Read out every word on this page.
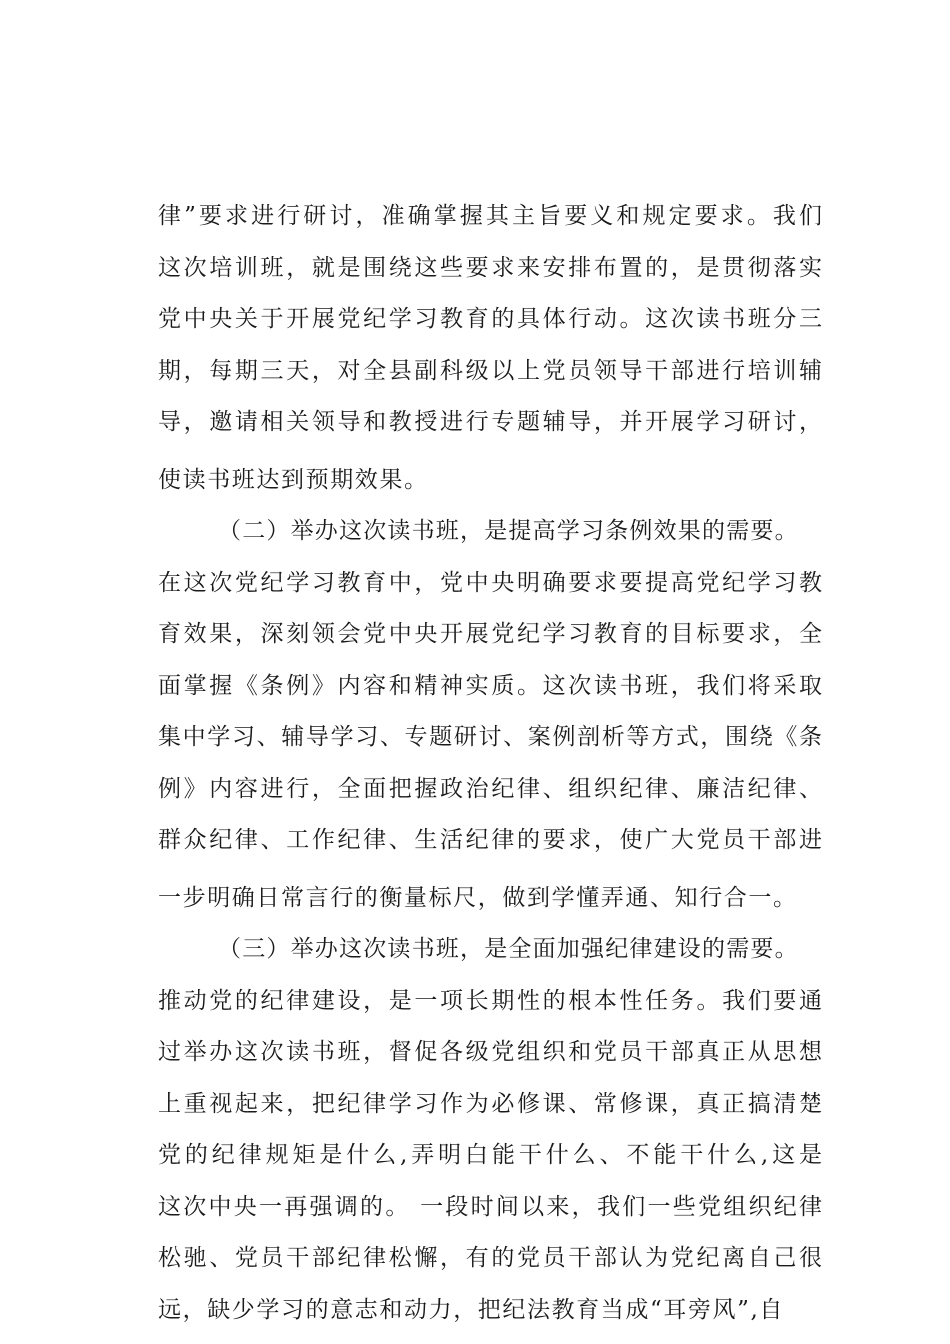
律”要求进行研讨，准确掌握其主旨要义和规定要求。我们
这次培训班，就是围绕这些要求来安排布置的，是贯彻落实
党中央关于开展党纪学习教育的具体行动。这次读书班分三
期，每期三天，对全县副科级以上党员领导干部进行培训辅
导，邀请相关领导和教授进行专题辅导，并开展学习研讨，
使读书班达到预期效果。
（二）举办这次读书班，是提高学习条例效果的需要。
在这次党纪学习教育中，党中央明确要求要提高党纪学习教
育效果，深刻领会党中央开展党纪学习教育的目标要求，全
面掌握《条例》内容和精神实质。这次读书班，我们将采取
集中学习、辅导学习、专题研讨、案例剖析等方式，围绕《条
例》内容进行，全面把握政治纪律、组织纪律、廉洁纪律、
群众纪律、工作纪律、生活纪律的要求，使广大党员干部进
一步明确日常言行的衡量标尺，做到学懂弄通、知行合一。
（三）举办这次读书班，是全面加强纪律建设的需要。
推动党的纪律建设，是一项长期性的根本性任务。我们要通
过举办这次读书班，督促各级党组织和党员干部真正从思想
上重视起来，把纪律学习作为必修课、常修课，真正搞清楚
党的纪律规矩是什么,弄明白能干什么、不能干什么,这是
这次中央一再强调的。 一段时间以来，我们一些党组织纪律
松驰、党员干部纪律松懈，有的党员干部认为党纪离自己很
远，缺少学习的意志和动力，把纪法教育当成“耳旁风”,自
